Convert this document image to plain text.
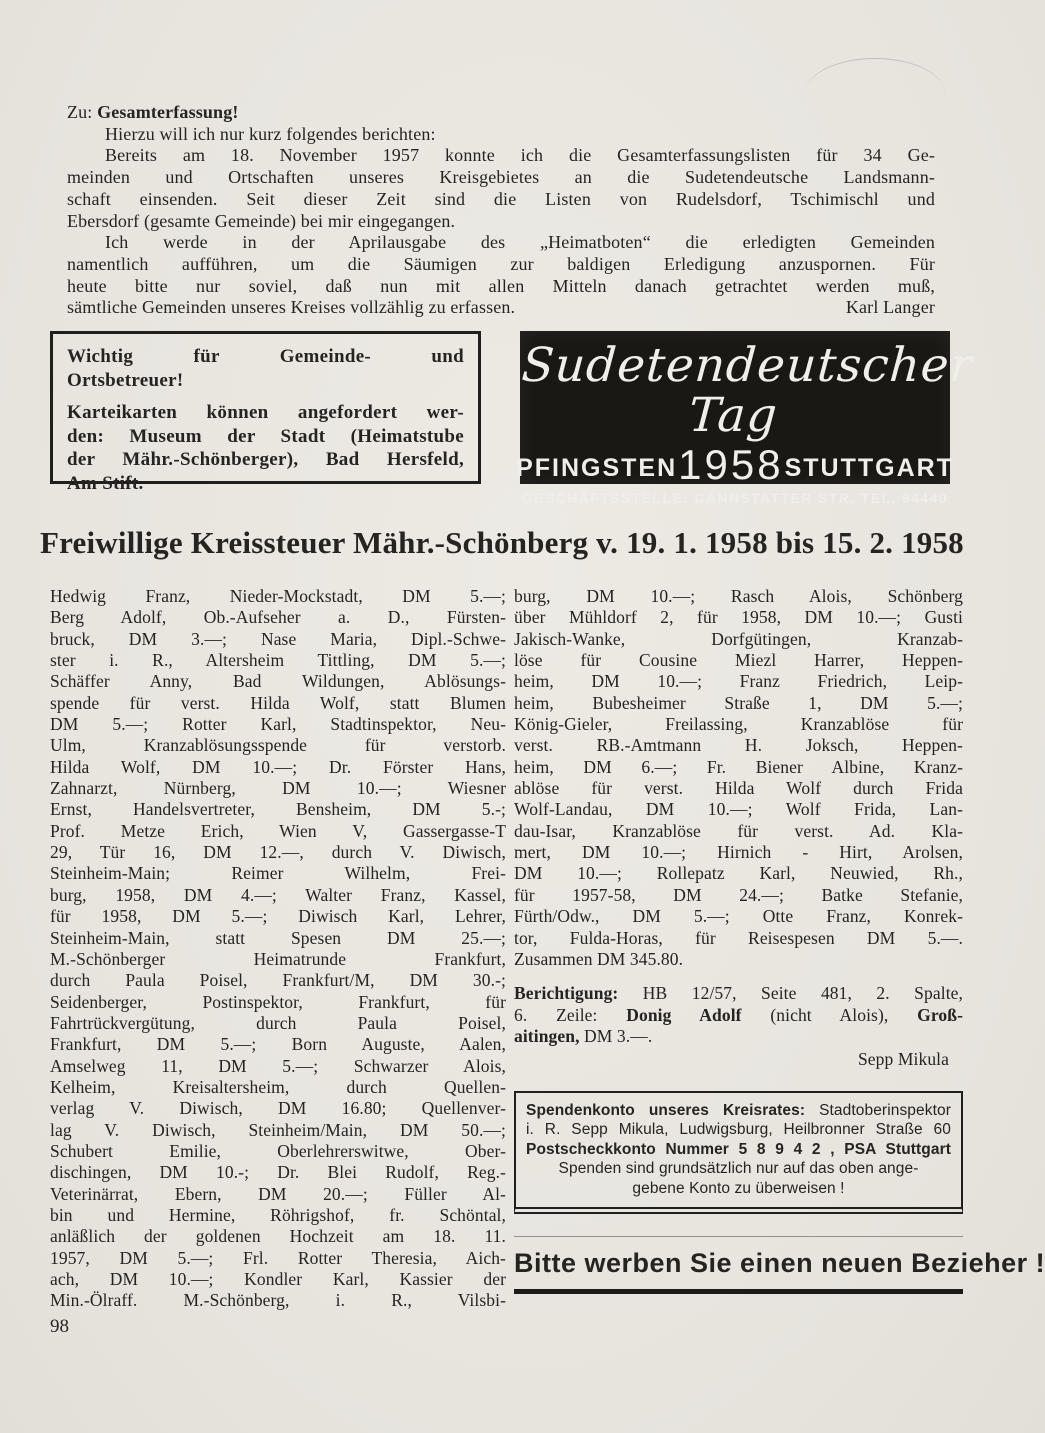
Zu: Gesamterfassung!
Hierzu will ich nur kurz folgendes berichten:
Bereits am 18. November 1957 konnte ich die Gesamterfassungslisten für 34 Ge-
meinden und Ortschaften unseres Kreisgebietes an die Sudetendeutsche Landsmann-
schaft einsenden. Seit dieser Zeit sind die Listen von Rudelsdorf, Tschimischl und
Ebersdorf (gesamte Gemeinde) bei mir eingegangen.
Ich werde in der Aprilausgabe des „Heimatboten“ die erledigten Gemeinden
namentlich aufführen, um die Säumigen zur baldigen Erledigung anzuspornen. Für
heute bitte nur soviel, daß nun mit allen Mitteln danach getrachtet werden muß,
Karl Langer
sämtliche Gemeinden unseres Kreises vollzählig zu erfassen.
Wichtig für Gemeinde- und
Ortsbetreuer!
Karteikarten können angefordert wer-
den: Museum der Stadt (Heimatstube
der Mähr.-Schönberger), Bad Hersfeld,
Am Stift.
Sudetendeutscher Tag
PFINGSTEN 1958 STUTTGART
GESCHÄFTSSTELLE: CANNSTATTER STR. TEL. 94440
Freiwillige Kreissteuer Mähr.-Schönberg v. 19. 1. 1958 bis 15. 2. 1958
Hedwig Franz, Nieder-Mockstadt, DM 5.—;
Berg Adolf, Ob.-Aufseher a. D., Fürsten-
bruck, DM 3.—; Nase Maria, Dipl.-Schwe-
ster i. R., Altersheim Tittling, DM 5.—;
Schäffer Anny, Bad Wildungen, Ablösungs-
spende für verst. Hilda Wolf, statt Blumen
DM 5.—; Rotter Karl, Stadtinspektor, Neu-
Ulm, Kranzablösungsspende für verstorb.
Hilda Wolf, DM 10.—; Dr. Förster Hans,
Zahnarzt, Nürnberg, DM 10.—; Wiesner
Ernst, Handelsvertreter, Bensheim, DM 5.-;
Prof. Metze Erich, Wien V, Gassergasse-T
29, Tür 16, DM 12.—, durch V. Diwisch,
Steinheim-Main; Reimer Wilhelm, Frei-
burg, 1958, DM 4.—; Walter Franz, Kassel,
für 1958, DM 5.—; Diwisch Karl, Lehrer,
Steinheim-Main, statt Spesen DM 25.—;
M.-Schönberger Heimatrunde Frankfurt,
durch Paula Poisel, Frankfurt/M, DM 30.-;
Seidenberger, Postinspektor, Frankfurt, für
Fahrtrückvergütung, durch Paula Poisel,
Frankfurt, DM 5.—; Born Auguste, Aalen,
Amselweg 11, DM 5.—; Schwarzer Alois,
Kelheim, Kreisaltersheim, durch Quellen-
verlag V. Diwisch, DM 16.80; Quellenver-
lag V. Diwisch, Steinheim/Main, DM 50.—;
Schubert Emilie, Oberlehrerswitwe, Ober-
dischingen, DM 10.-; Dr. Blei Rudolf, Reg.-
Veterinärrat, Ebern, DM 20.—; Füller Al-
bin und Hermine, Röhrigshof, fr. Schöntal,
anläßlich der goldenen Hochzeit am 18. 11.
1957, DM 5.—; Frl. Rotter Theresia, Aich-
ach, DM 10.—; Kondler Karl, Kassier der
Min.-Ölraff. M.-Schönberg, i. R., Vilsbi-
burg, DM 10.—; Rasch Alois, Schönberg
über Mühldorf 2, für 1958, DM 10.—; Gusti
Jakisch-Wanke, Dorfgütingen, Kranzab-
löse für Cousine Miezl Harrer, Heppen-
heim, DM 10.—; Franz Friedrich, Leip-
heim, Bubesheimer Straße 1, DM 5.—;
König-Gieler, Freilassing, Kranzablöse für
verst. RB.-Amtmann H. Joksch, Heppen-
heim, DM 6.—; Fr. Biener Albine, Kranz-
ablöse für verst. Hilda Wolf durch Frida
Wolf-Landau, DM 10.—; Wolf Frida, Lan-
dau-Isar, Kranzablöse für verst. Ad. Kla-
mert, DM 10.—; Hirnich - Hirt, Arolsen,
DM 10.—; Rollepatz Karl, Neuwied, Rh.,
für 1957-58, DM 24.—; Batke Stefanie,
Fürth/Odw., DM 5.—; Otte Franz, Konrek-
tor, Fulda-Horas, für Reisespesen DM 5.—.
Zusammen DM 345.80.
Berichtigung: HB 12/57, Seite 481, 2. Spalte,
6. Zeile: Donig Adolf (nicht Alois), Groß-
aitingen, DM 3.—.
Sepp Mikula
Spendenkonto unseres Kreisrates: Stadtoberinspektor
i. R. Sepp Mikula, Ludwigsburg, Heilbronner Straße 60
Postscheckkonto Nummer 5 8 9 4 2 , PSA Stuttgart
Spenden sind grundsätzlich nur auf das oben ange-
gebene Konto zu überweisen !
Bitte werben Sie einen neuen Bezieher !
98
